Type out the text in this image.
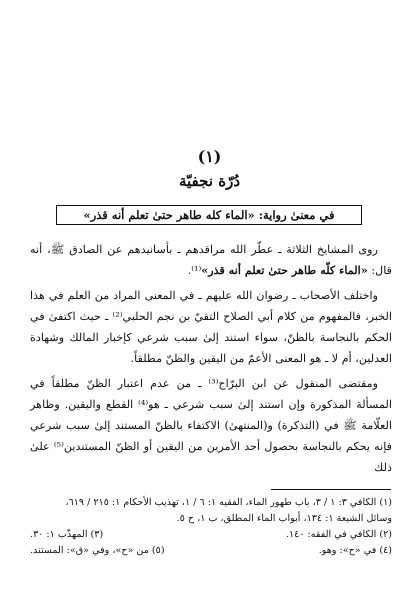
(١)
دُرّة نجفيّة
في معنىٰ رواية: «الماء كله طاهر حتىٰ تعلم أنه قذر»

روى المشايخ الثلاثة ـ عطّر الله مراقدهم ـ بأسانيدهم عن الصادق ﷺ، أنه قال: «الماء كلّه طاهر حتىٰ تعلم أنه قذر»⁽¹⁾.

واختلف الأصحاب ـ رضوان الله عليهم ـ في المعنى المراد من العلم في هذا الخبر، فالمفهوم من كلام أبي الصلاح التقيّ بن نجم الحلبي⁽²⁾ ـ حيث اكتفىٰ في الحكم بالنجاسة بالظنّ، سواء استند إلىٰ سبب شرعي كإخبار المالك وشهادة العدلين، أم لا ـ هو المعنى الأعمّ من اليقين والظنّ مطلقاً.

ومقتضى المنقول عن ابن البرّاج⁽³⁾ ـ من عدم اعتبار الظنّ مطلقاً في المسألة المذكورة وإن استند إلىٰ سبب شرعي ـ هو⁽⁴⁾ القطع واليقين. وظاهر العلّامة ﷺ في (التذكرة) و(المنتهىٰ) الاكتفاء بالظنّ المستند إلىٰ سبب شرعي فإنه يحكم بالنجاسة بحصول أحد الأمرين من اليقين أو الظنّ المستندين⁽⁵⁾ علىٰ ذلك

(١) الكافي ٣: ١ / ٣، باب طهور الماء، الفقيه ١: ٦ / ١، تهذيب الأحكام ١: ٢١٥ / ٦١٩،
وسائل الشيعة ١: ١٣٤، أبواب الماء المطلق، ب ١، ح ٥.
(٢) الكافي في الفقه: ١٤٠.
(٣) المهذّب ١: ٣٠.
(٤) في «ح»: وهو.
(٥) من «ح»، وفي «ق»: المستند.
